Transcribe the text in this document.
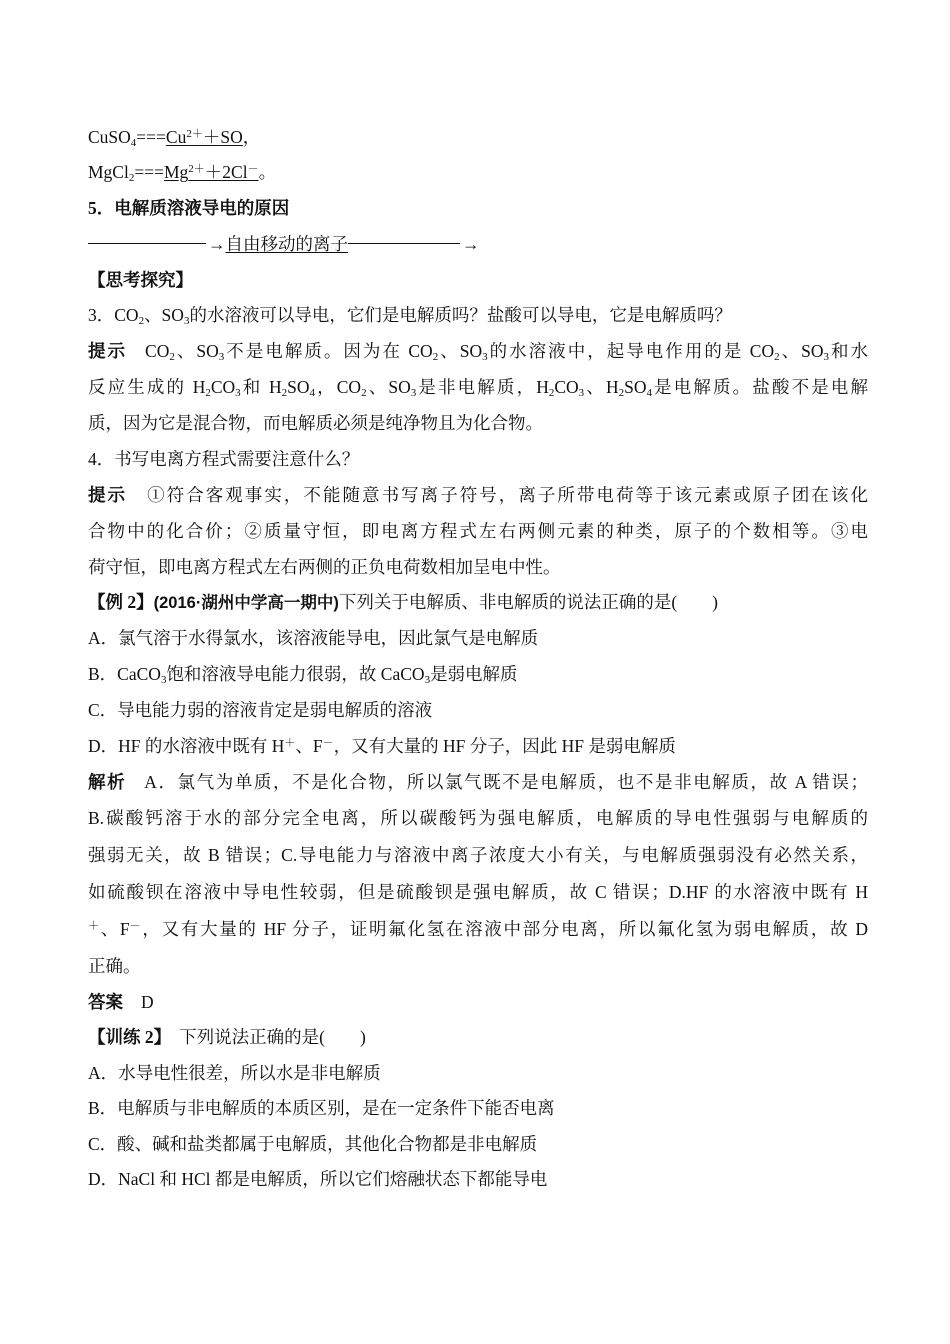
$CuSO_4===Cu^{2+}+SO$，
$MgCl_2===Mg^{2+}+2Cl^-$。
5．电解质溶液导电的原因
→自由移动的离子	→
【思考探究】
3．$CO_2$、$SO_3$的水溶液可以导电，它们是电解质吗？盐酸可以导电，它是电解质吗？
提示 $CO_2$、$SO_3$不是电解质。因为在 $CO_2$、$SO_3$的水溶液中，起导电作用的是 $CO_2$、$SO_3$和水
反应生成的 $H_2CO_3$和 $H_2SO_4$，$CO_2$、$SO_3$是非电解质，$H_2CO_3$、$H_2SO_4$是电解质。盐酸不是电解
质，因为它是混合物，而电解质必须是纯净物且为化合物。
4．书写电离方程式需要注意什么？
提示 ①符合客观事实，不能随意书写离子符号，离子所带电荷等于该元素或原子团在该化
合物中的化合价；②质量守恒，即电离方程式左右两侧元素的种类，原子的个数相等。③电
荷守恒，即电离方程式左右两侧的正负电荷数相加呈电中性。
【例 2】(2016·湖州中学高一期中)下列关于电解质、非电解质的说法正确的是(　　)
A．氯气溶于水得氯水，该溶液能导电，因此氯气是电解质
B．CaCO$_3$饱和溶液导电能力很弱，故 CaCO$_3$是弱电解质
C．导电能力弱的溶液肯定是弱电解质的溶液
D．HF 的水溶液中既有 H＋、F－，又有大量的 HF 分子，因此 HF 是弱电解质
解析 A．氯气为单质，不是化合物，所以氯气既不是电解质，也不是非电解质，故 A 错误；
B.碳酸钙溶于水的部分完全电离，所以碳酸钙为强电解质，电解质的导电性强弱与电解质的
强弱无关，故 B 错误；C.导电能力与溶液中离子浓度大小有关，与电解质强弱没有必然关系，
如硫酸钡在溶液中导电性较弱，但是硫酸钡是强电解质，故 C 错误；D.HF 的水溶液中既有 H
＋、F－，又有大量的 HF 分子，证明氟化氢在溶液中部分电离，所以氟化氢为弱电解质，故 D
正确。
答案 D
【训练 2】 下列说法正确的是(　　)
A．水导电性很差，所以水是非电解质
B．电解质与非电解质的本质区别，是在一定条件下能否电离
C．酸、碱和盐类都属于电解质，其他化合物都是非电解质
D．NaCl 和 HCl 都是电解质，所以它们熔融状态下都能导电
